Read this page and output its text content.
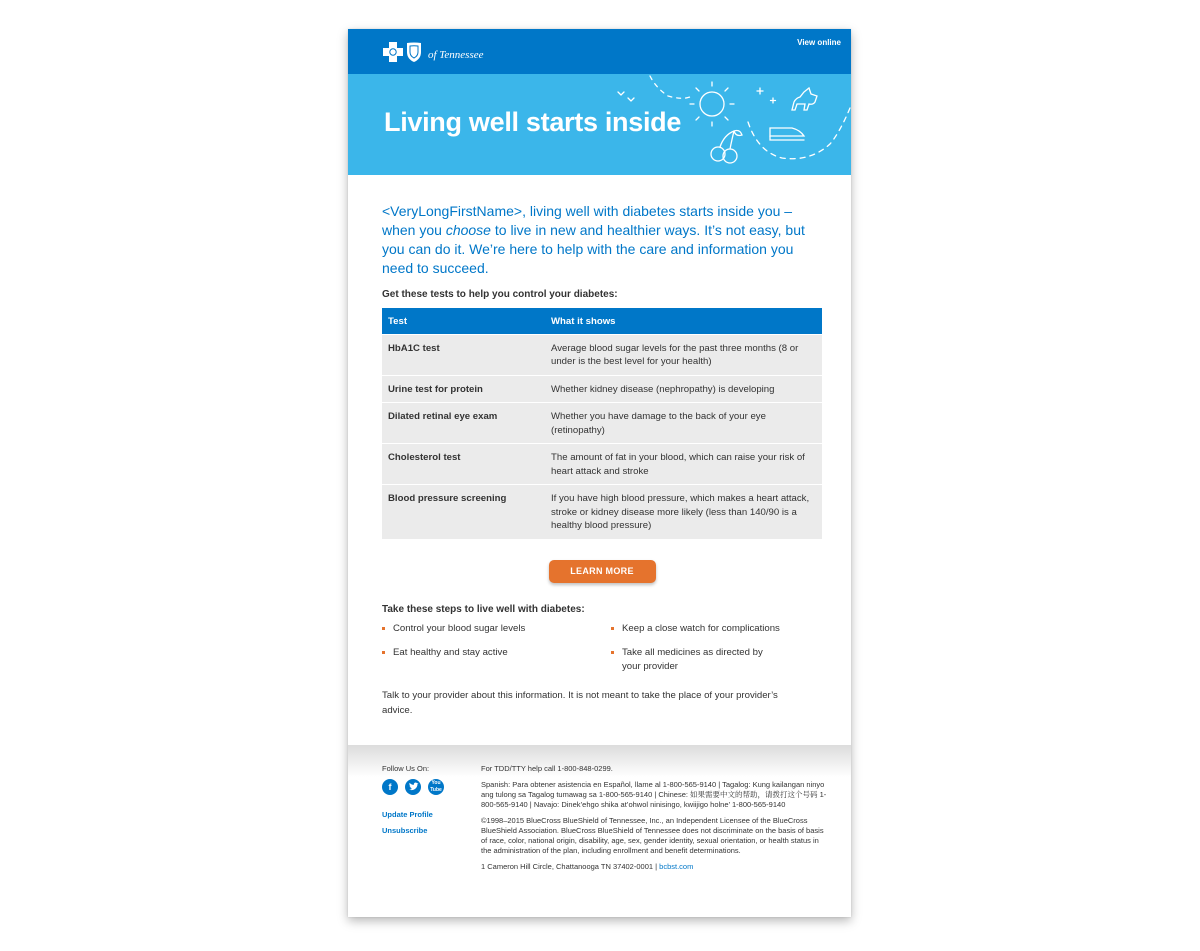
of Tennessee
View online
Living well starts inside

<VeryLongFirstName>, living well with diabetes starts inside you – when you choose to live in new and healthier ways. It’s not easy, but you can do it. We’re here to help with the care and information you need to succeed.

Get these tests to help you control your diabetes:
Test	What it shows
HbA1C test	Average blood sugar levels for the past three months (8 or under is the best level for your health)
Urine test for protein	Whether kidney disease (nephropathy) is developing
Dilated retinal eye exam	Whether you have damage to the back of your eye (retinopathy)
Cholesterol test	The amount of fat in your blood, which can raise your risk of heart attack and stroke
Blood pressure screening	If you have high blood pressure, which makes a heart attack, stroke or kidney disease more likely (less than 140/90 is a healthy blood pressure)
LEARN MORE
Take these steps to live well with diabetes:
Control your blood sugar levels	Keep a close watch for complications
Eat healthy and stay active	Take all medicines as directed by your provider

Talk to your provider about this information. It is not meant to take the place of your provider’s advice.

Follow Us On:
f	You Tube
Update Profile
Unsubscribe

For TDD/TTY help call 1-800-848-0299.

Spanish: Para obtener asistencia en Español, llame al 1-800-565-9140 | Tagalog: Kung kailangan ninyo ang tulong sa Tagalog tumawag sa 1-800-565-9140 | Chinese: 如果需要中文的帮助，请拨打这个号码 1-800-565-9140 | Navajo: Dinek’ehgo shika at’ohwol ninisingo, kwiijigo holne’ 1-800-565-9140

©1998–2015 BlueCross BlueShield of Tennessee, Inc., an Independent Licensee of the BlueCross BlueShield Association. BlueCross BlueShield of Tennessee does not discriminate on the basis of basis of race, color, national origin, disability, age, sex, gender identity, sexual orientation, or health status in the administration of the plan, including enrollment and benefit determinations.

1 Cameron Hill Circle, Chattanooga TN 37402-0001 | bcbst.com
